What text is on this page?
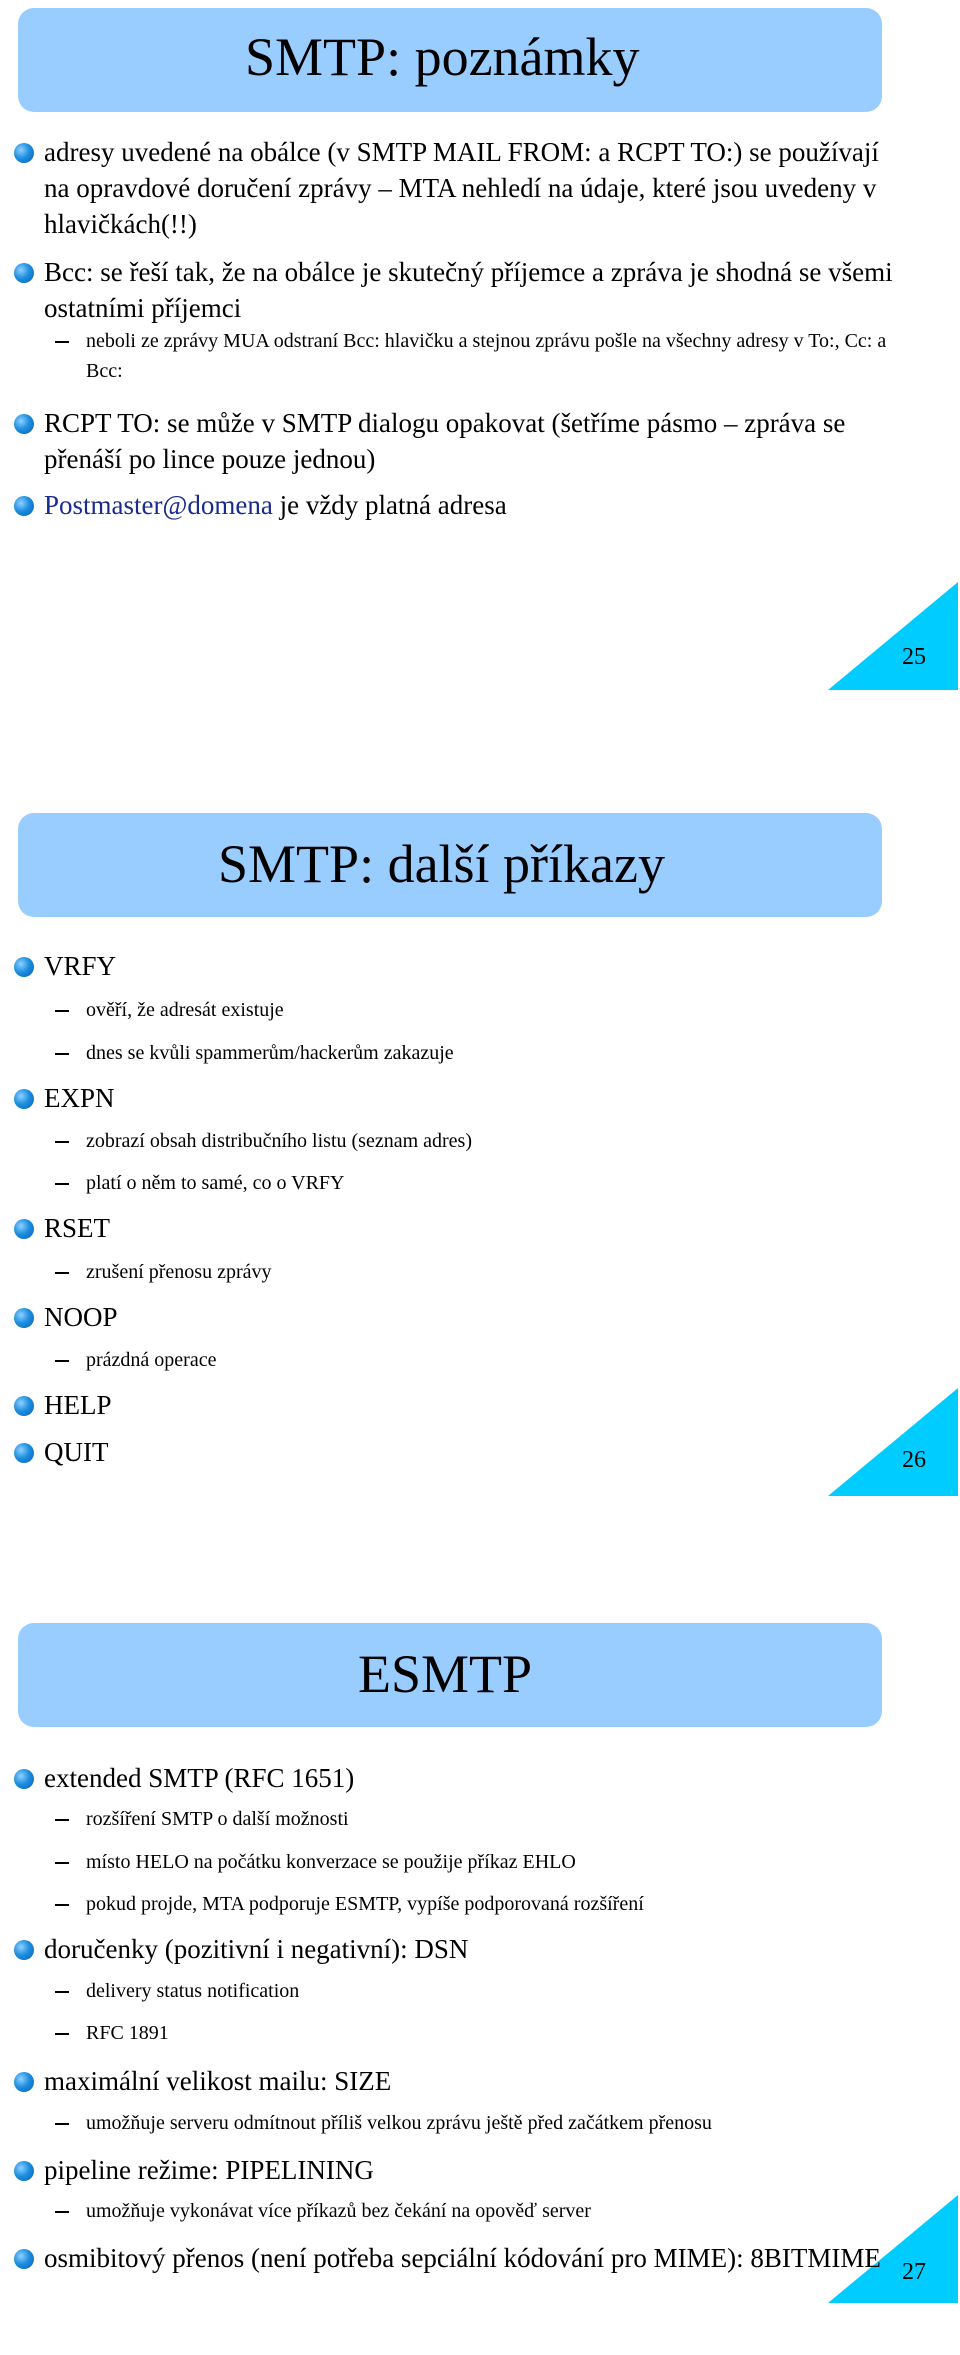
SMTP: poznámky
adresy uvedené na obálce (v SMTP MAIL FROM: a RCPT TO:) se používají na opravdové doručení zprávy – MTA nehledí na údaje, které jsou uvedeny v hlavičkách(!!)
Bcc: se řeší tak, že na obálce je skutečný příjemce a zpráva je shodná se všemi ostatními příjemci
neboli ze zprávy MUA odstraní Bcc: hlavičku a stejnou zprávu pošle na všechny adresy v To:, Cc: a Bcc:
RCPT TO: se může v SMTP dialogu opakovat (šetříme pásmo – zpráva se přenáší po lince pouze jednou)
Postmaster@domena je vždy platná adresa
25
SMTP: další příkazy
VRFY
ověří, že adresát existuje
dnes se kvůli spammerům/hackerům zakazuje
EXPN
zobrazí obsah distribučního listu (seznam adres)
platí o něm to samé, co o VRFY
RSET
zrušení přenosu zprávy
NOOP
prázdná operace
HELP
QUIT	26
ESMTP
extended SMTP (RFC 1651)
rozšíření SMTP o další možnosti
místo HELO na počátku konverzace se použije příkaz EHLO
pokud projde, MTA podporuje ESMTP, vypíše podporovaná rozšíření
doručenky (pozitivní i negativní): DSN
delivery status notification
RFC 1891
maximální velikost mailu: SIZE
umožňuje serveru odmítnout příliš velkou zprávu ještě před začátkem přenosu
pipeline režime: PIPELINING
umožňuje vykonávat více příkazů bez čekání na opověď server
osmibitový přenos (není potřeba sepciální kódování pro MIME): 8BITMIME 27
